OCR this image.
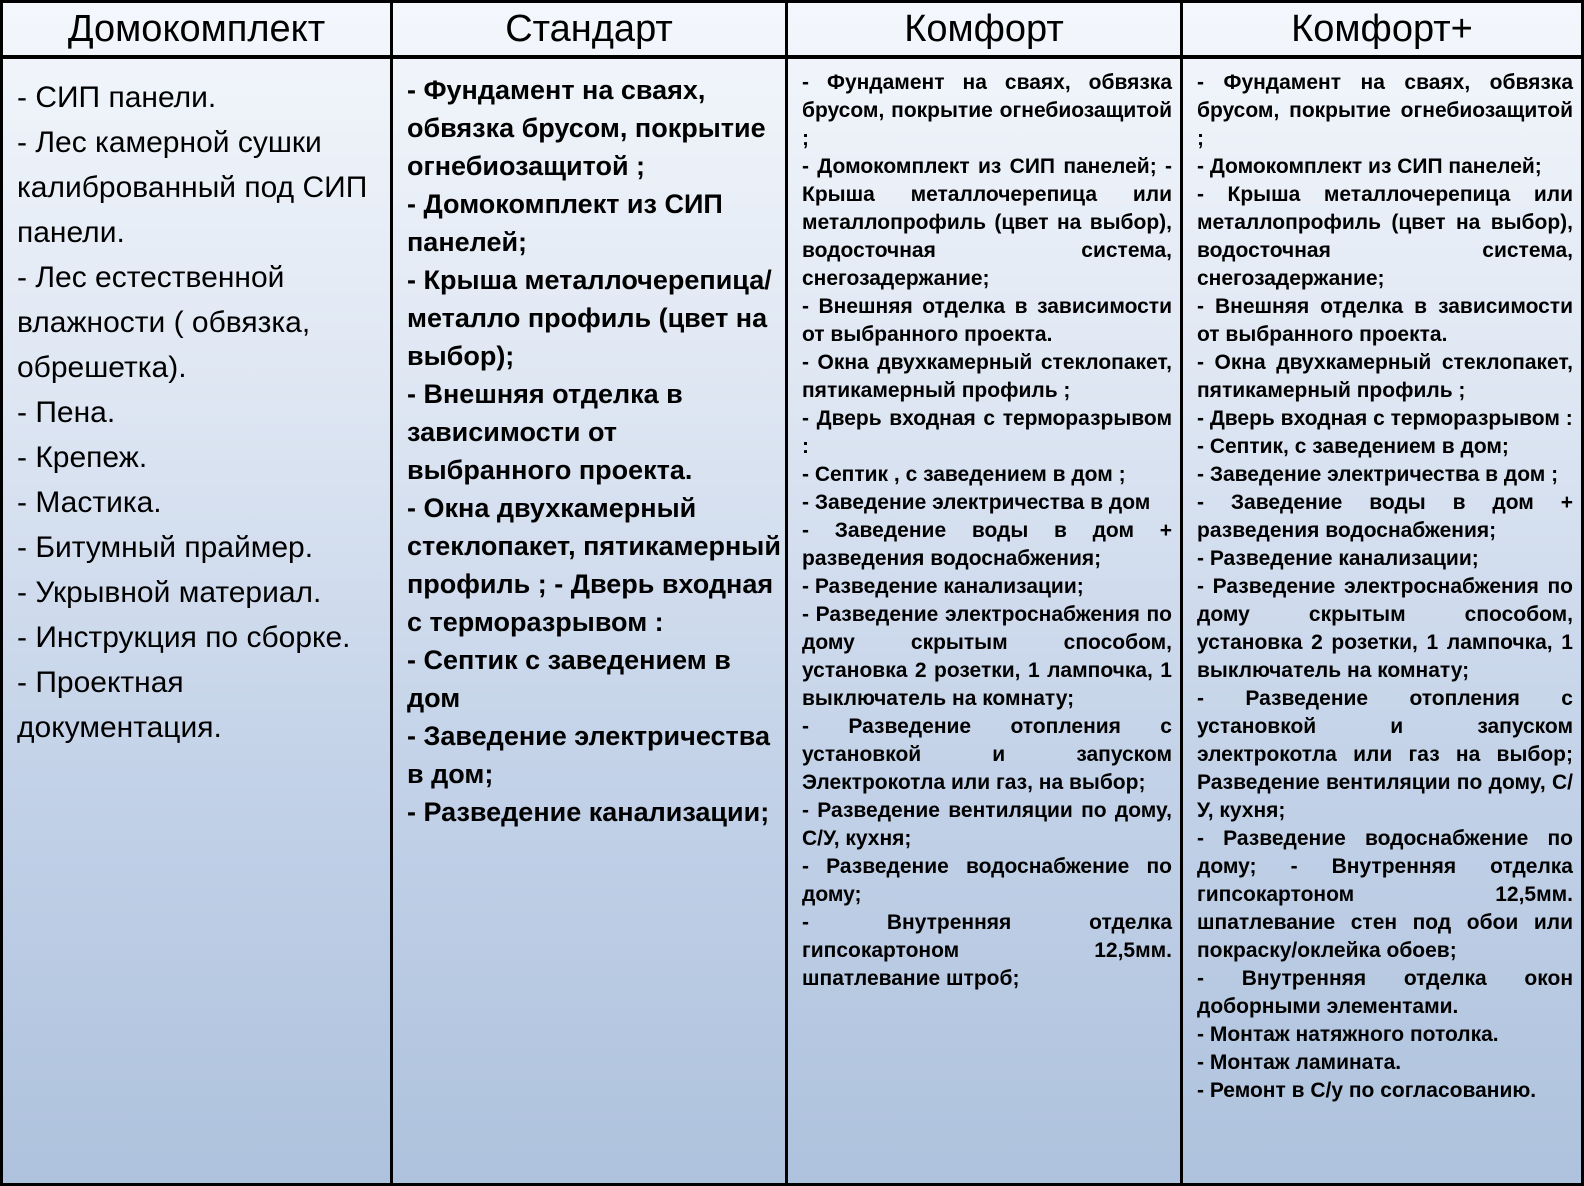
Домокомплект
- СИП панели.
- Лес камерной сушки калиброванный под СИП панели.
- Лес естественной влажности ( обвязка, обрешетка).
- Пена.
- Крепеж.
- Мастика.
- Битумный праймер.
- Укрывной материал.
- Инструкция по сборке.
- Проектная документация.
Стандарт
- Фундамент на сваях, обвязка брусом, покрытие огнебиозащитой ;
- Домокомплект из СИП панелей;
- Крыша металлочерепица/металло профиль (цвет на выбор);
- Внешняя отделка в зависимости от выбранного проекта.
- Окна двухкамерный стеклопакет, пятикамерный профиль ; - Дверь входная с терморазрывом :
- Септик с заведением в дом
- Заведение электричества в дом;
- Разведение канализации;
Комфорт
- Фундамент на сваях, обвязка брусом, покрытие огнебиозащитой ;
- Домокомплект из СИП панелей; - Крыша металлочерепица или металлопрофиль (цвет на выбор), водосточная система, снегозадержание;
- Внешняя отделка в зависимости от выбранного проекта.
- Окна двухкамерный стеклопакет, пятикамерный профиль ;
- Дверь входная с терморазрывом :
- Септик , с заведением в дом ;
- Заведение электричества в дом
- Заведение воды в дом + разведения водоснабжения;
- Разведение канализации;
- Разведение электроснабжения по дому скрытым способом, установка 2 розетки, 1 лампочка, 1 выключатель на комнату;
- Разведение отопления с установкой и запуском Электрокотла или газ, на выбор;
- Разведение вентиляции по дому, С/У, кухня;
- Разведение водоснабжение по дому;
- Внутренняя отделка гипсокартоном 12,5мм. шпатлевание штроб;
Комфорт+
- Фундамент на сваях, обвязка брусом, покрытие огнебиозащитой ;
- Домокомплект из СИП панелей;
- Крыша металлочерепица или металлопрофиль (цвет на выбор), водосточная система, снегозадержание;
- Внешняя отделка в зависимости от выбранного проекта.
- Окна двухкамерный стеклопакет, пятикамерный профиль ;
- Дверь входная с терморазрывом :
- Септик, с заведением в дом;
- Заведение электричества в дом ;
- Заведение воды в дом + разведения водоснабжения;
- Разведение канализации;
- Разведение электроснабжения по дому скрытым способом, установка 2 розетки, 1 лампочка, 1 выключатель на комнату;
- Разведение отопления с установкой и запуском электрокотла или газ на выбор; Разведение вентиляции по дому, С/У, кухня;
- Разведение водоснабжение по дому; - Внутренняя отделка гипсокартоном 12,5мм. шпатлевание стен под обои или покраску/оклейка обоев;
- Внутренняя отделка окон доборными элементами.
- Монтаж натяжного потолка.
- Монтаж ламината.
- Ремонт в С/у по согласованию.
